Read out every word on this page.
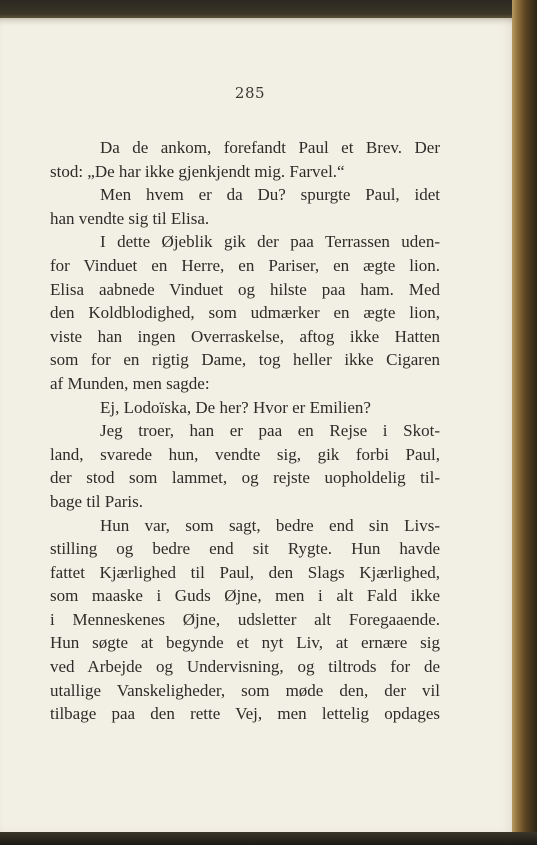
285
Da de ankom, forefandt Paul et Brev. Der
stod: „De har ikke gjenkjendt mig. Farvel.“
Men hvem er da Du? spurgte Paul, idet
han vendte sig til Elisa.
I dette Øjeblik gik der paa Terrassen uden-
for Vinduet en Herre, en Pariser, en ægte lion.
Elisa aabnede Vinduet og hilste paa ham. Med
den Koldblodighed, som udmærker en ægte lion,
viste han ingen Overraskelse, aftog ikke Hatten
som for en rigtig Dame, tog heller ikke Cigaren
af Munden, men sagde:
Ej, Lodoïska, De her? Hvor er Emilien?
Jeg troer, han er paa en Rejse i Skot-
land, svarede hun, vendte sig, gik forbi Paul,
der stod som lammet, og rejste uopholdelig til-
bage til Paris.
Hun var, som sagt, bedre end sin Livs-
stilling og bedre end sit Rygte. Hun havde
fattet Kjærlighed til Paul, den Slags Kjærlighed,
som maaske i Guds Øjne, men i alt Fald ikke
i Menneskenes Øjne, udsletter alt Foregaaende.
Hun søgte at begynde et nyt Liv, at ernære sig
ved Arbejde og Undervisning, og tiltrods for de
utallige Vanskeligheder, som møde den, der vil
tilbage paa den rette Vej, men lettelig opdages
